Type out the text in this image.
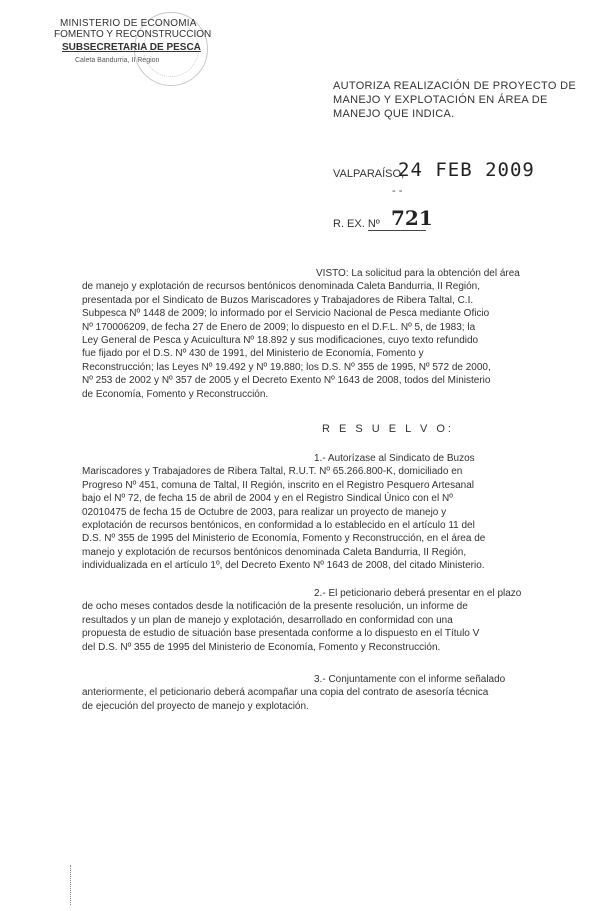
MINISTERIO DE ECONOMIA
FOMENTO Y RECONSTRUCCION
SUBSECRETARIA DE PESCA
Caleta Bandurria, II Region
AUTORIZA REALIZACIÓN DE PROYECTO DE
MANEJO Y EXPLOTACIÓN EN ÁREA DE
MANEJO QUE INDICA.
VALPARAÍSO,
24 FEB 2009
- -
R. EX. Nº 721
VISTO: La solicitud para la obtención del área
de manejo y explotación de recursos bentónicos denominada Caleta Bandurria, II Región,
presentada por el Sindicato de Buzos Mariscadores y Trabajadores de Ribera Taltal, C.I.
Subpesca Nº 1448 de 2009; lo informado por el Servicio Nacional de Pesca mediante Oficio
Nº 170006209, de fecha 27 de Enero de 2009; lo dispuesto en el D.F.L. Nº 5, de 1983; la
Ley General de Pesca y Acuicultura Nº 18.892 y sus modificaciones, cuyo texto refundido
fue fijado por el D.S. Nº 430 de 1991, del Ministerio de Economía, Fomento y
Reconstrucción; las Leyes Nº 19.492 y Nº 19.880; los D.S. Nº 355 de 1995, Nº 572 de 2000,
Nº 253 de 2002 y Nº 357 de 2005 y el Decreto Exento Nº 1643 de 2008, todos del Ministerio
de Economía, Fomento y Reconstrucción.
R E S U E L V O:
1.- Autorízase al Sindicato de Buzos
Mariscadores y Trabajadores de Ribera Taltal, R.U.T. Nº 65.266.800-K, domiciliado en
Progreso Nº 451, comuna de Taltal, II Región, inscrito en el Registro Pesquero Artesanal
bajo el Nº 72, de fecha 15 de abril de 2004 y en el Registro Sindical Único con el Nº
02010475 de fecha 15 de Octubre de 2003, para realizar un proyecto de manejo y
explotación de recursos bentónicos, en conformidad a lo establecido en el artículo 11 del
D.S. Nº 355 de 1995 del Ministerio de Economía, Fomento y Reconstrucción, en el área de
manejo y explotación de recursos bentónicos denominada Caleta Bandurria, II Región,
individualizada en el artículo 1º, del Decreto Exento Nº 1643 de 2008, del citado Ministerio.
2.- El peticionario deberá presentar en el plazo
de ocho meses contados desde la notificación de la presente resolución, un informe de
resultados y un plan de manejo y explotación, desarrollado en conformidad con una
propuesta de estudio de situación base presentada conforme a lo dispuesto en el Título V
del D.S. Nº 355 de 1995 del Ministerio de Economía, Fomento y Reconstrucción.
3.- Conjuntamente con el informe señalado
anteriormente, el peticionario deberá acompañar una copia del contrato de asesoría técnica
de ejecución del proyecto de manejo y explotación.
